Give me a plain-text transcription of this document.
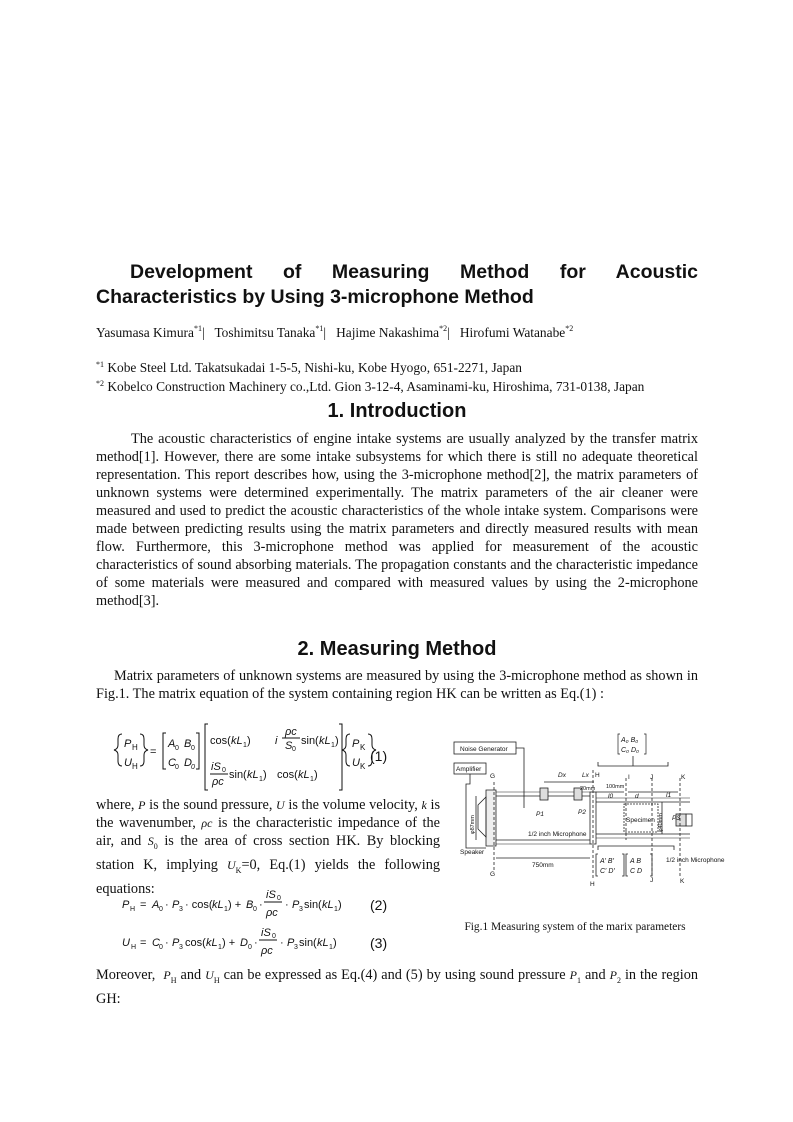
Development of Measuring Method for Acoustic
Characteristics by Using 3-microphone Method
Yasumasa Kimura$^{*1}$|   Toshimitsu Tanaka$^{*1}$|   Hajime Nakashima$^{*2}$|   Hirofumi Watanabe$^{*2}$
$^{*1}$ Kobe Steel Ltd. Takatsukadai 1-5-5, Nishi-ku, Kobe Hyogo, 651-2271, Japan
$^{*2}$ Kobelco Construction Machinery co.,Ltd. Gion 3-12-4, Asaminami-ku, Hiroshima, 731-0138, Japan
1. Introduction
The acoustic characteristics of engine intake systems are usually analyzed by the transfer matrix method[1]. However, there are some intake subsystems for which there is still no adequate theoretical representation. This report describes how, using the 3-microphone method[2], the matrix parameters of unknown systems were determined experimentally. The matrix parameters of the air cleaner were measured and used to predict the acoustic characteristics of the whole intake system. Comparisons were made between predicting results using the matrix parameters and directly measured results with mean flow. Furthermore, this 3-microphone method was applied for measurement of the acoustic characteristics of sound absorbing materials. The propagation constants and the characteristic impedance of some materials were measured and compared with measured values by using the 2-microphone method[3].
2. Measuring Method
Matrix parameters of unknown systems are measured by using the 3-microphone method as shown in Fig.1. The matrix equation of the system containing region HK can be written as Eq.(1) :
P H
U H
=
A 0 B 0
C 0 D 0
cos( kL 1 ) i
ρc
S 0
sin( kL 1 )
iS 0
ρc
sin( kL 1 ) cos( kL 1 )
P K
U K
(1)
where, P is the sound pressure, U is the volume velocity, k is the wavenumber, ρc is the characteristic impedance of the air, and $S_0$ is the area of cross section HK. By blocking station K, implying $U_K=0$, Eq.(1) yields the following equations:
P H = A 0 · P 3 · cos( kL 1 ) + B 0 ·
iS 0
ρc
· P 3 sin( kL 1 ) (2)
U H = C 0 · P 3 cos( kL 1 ) + D 0 ·
iS 0
ρc
· P 3 sin( kL 1 ) (3)
Moreover, $P_H$ and $U_H$ can be expressed as Eq.(4) and (5) by using sound pressure $P_1$ and $P_2$ in the region GH:
Noise Generator
Amplifier
Speaker
Specimen
1/2 inch Microphone
1/2 inch Microphone
750mm
100mm
20mm
φ87mm	φ40mm
G
G
H
H
I	J
J
K
K
Dx Lx
l0	d	l1
P1	P2
P3
A₀ B₀
C₀ D₀
A′ B′
C′ D′
A B
C D
Fig.1 Measuring system of the marix parameters
